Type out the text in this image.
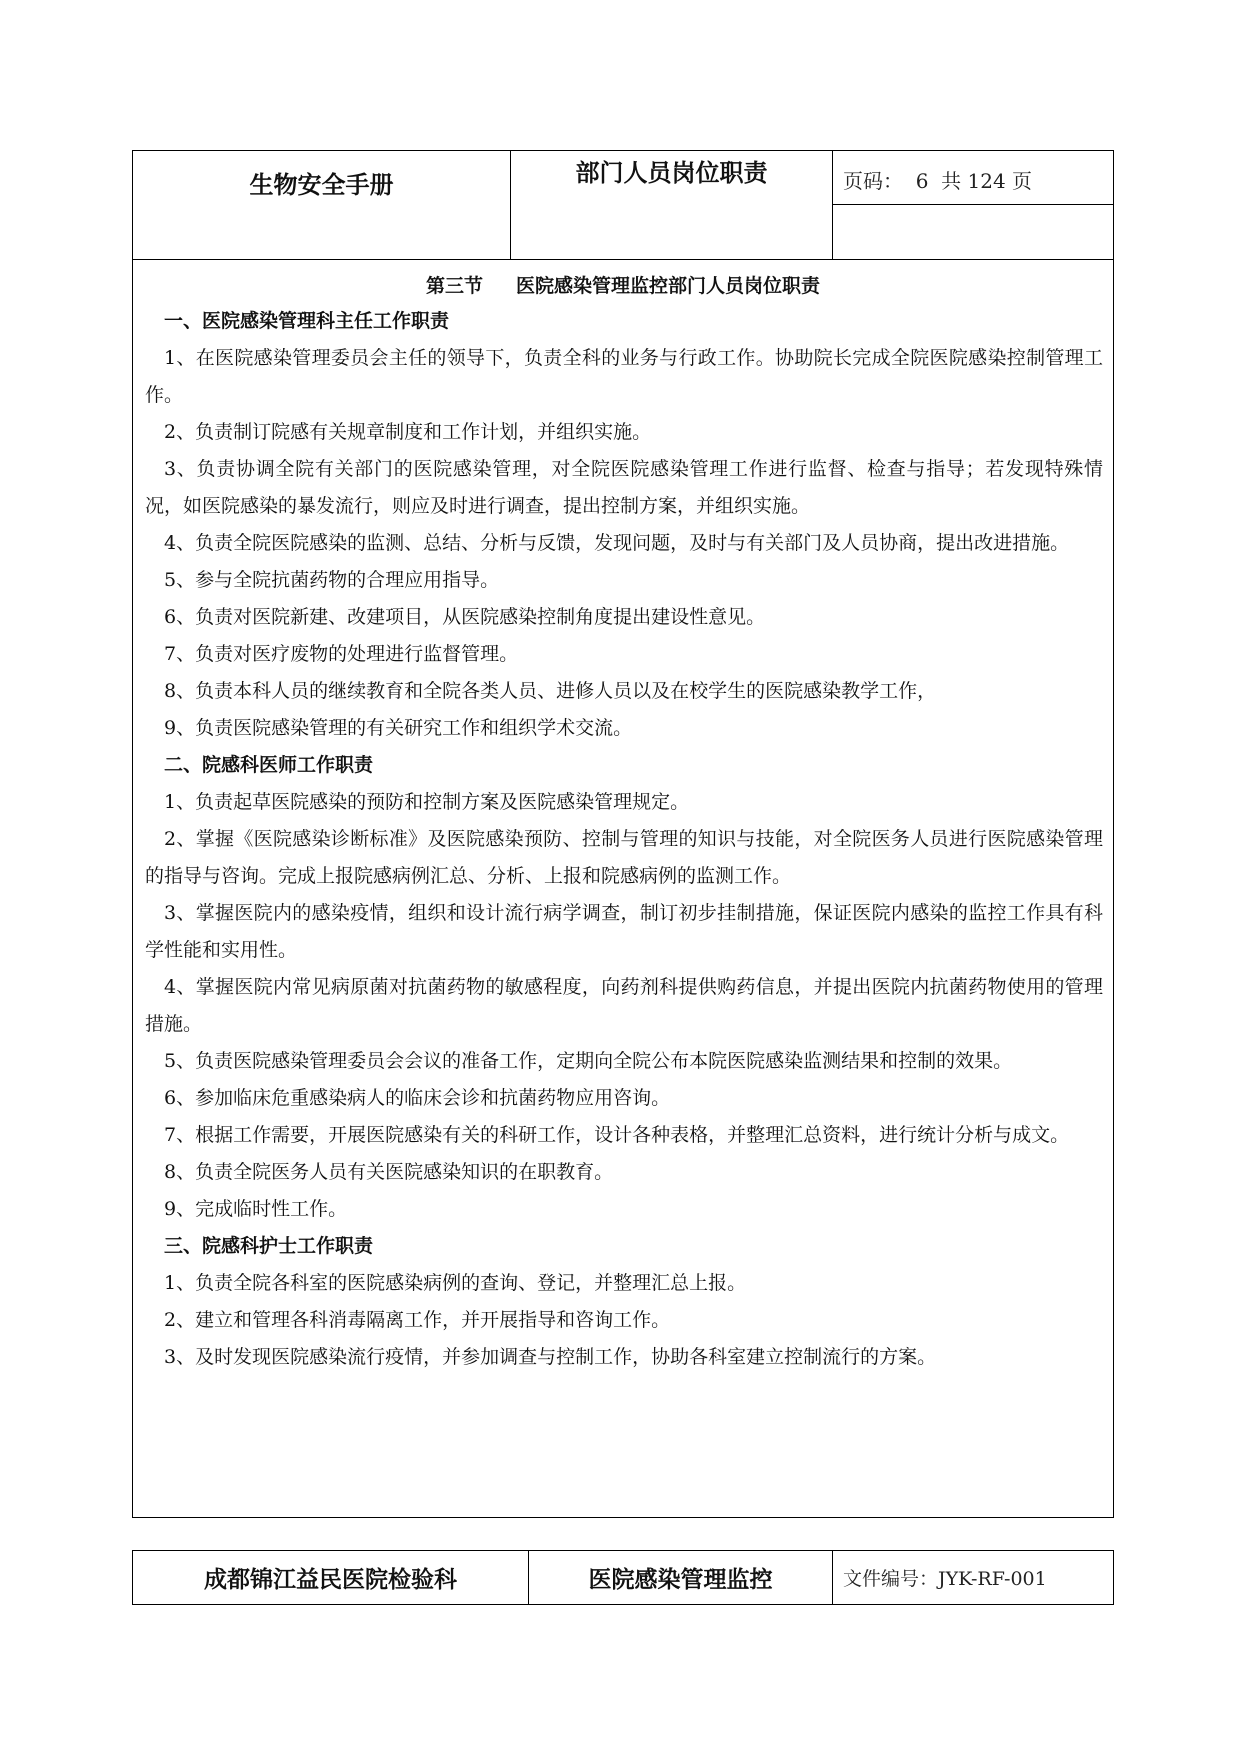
生物安全手册	部门人员岗位职责	页码：  6  共 124 页
第三节     医院感染管理监控部门人员岗位职责
一、医院感染管理科主任工作职责
1、在医院感染管理委员会主任的领导下，负责全科的业务与行政工作。协助院长完成全院医院感染控制管理工作。
2、负责制订院感有关规章制度和工作计划，并组织实施。
3、负责协调全院有关部门的医院感染管理，对全院医院感染管理工作进行监督、检查与指导；若发现特殊情况，如医院感染的暴发流行，则应及时进行调查，提出控制方案，并组织实施。
4、负责全院医院感染的监测、总结、分析与反馈，发现问题，及时与有关部门及人员协商，提出改进措施。
5、参与全院抗菌药物的合理应用指导。
6、负责对医院新建、改建项目，从医院感染控制角度提出建设性意见。
7、负责对医疗废物的处理进行监督管理。
8、负责本科人员的继续教育和全院各类人员、进修人员以及在校学生的医院感染教学工作，
9、负责医院感染管理的有关研究工作和组织学术交流。
二、院感科医师工作职责
1、负责起草医院感染的预防和控制方案及医院感染管理规定。
2、掌握《医院感染诊断标准》及医院感染预防、控制与管理的知识与技能，对全院医务人员进行医院感染管理的指导与咨询。完成上报院感病例汇总、分析、上报和院感病例的监测工作。
3、掌握医院内的感染疫情，组织和设计流行病学调查，制订初步挂制措施，保证医院内感染的监控工作具有科学性能和实用性。
4、掌握医院内常见病原菌对抗菌药物的敏感程度，向药剂科提供购药信息，并提出医院内抗菌药物使用的管理措施。
5、负责医院感染管理委员会会议的准备工作，定期向全院公布本院医院感染监测结果和控制的效果。
6、参加临床危重感染病人的临床会诊和抗菌药物应用咨询。
7、根据工作需要，开展医院感染有关的科研工作，设计各种表格，并整理汇总资料，进行统计分析与成文。
8、负责全院医务人员有关医院感染知识的在职教育。
9、完成临时性工作。
三、院感科护士工作职责
1、负责全院各科室的医院感染病例的查询、登记，并整理汇总上报。
2、建立和管理各科消毒隔离工作，并开展指导和咨询工作。
3、及时发现医院感染流行疫情，并参加调查与控制工作，协助各科室建立控制流行的方案。
成都锦江益民医院检验科	医院感染管理监控	文件编号：JYK-RF-001
